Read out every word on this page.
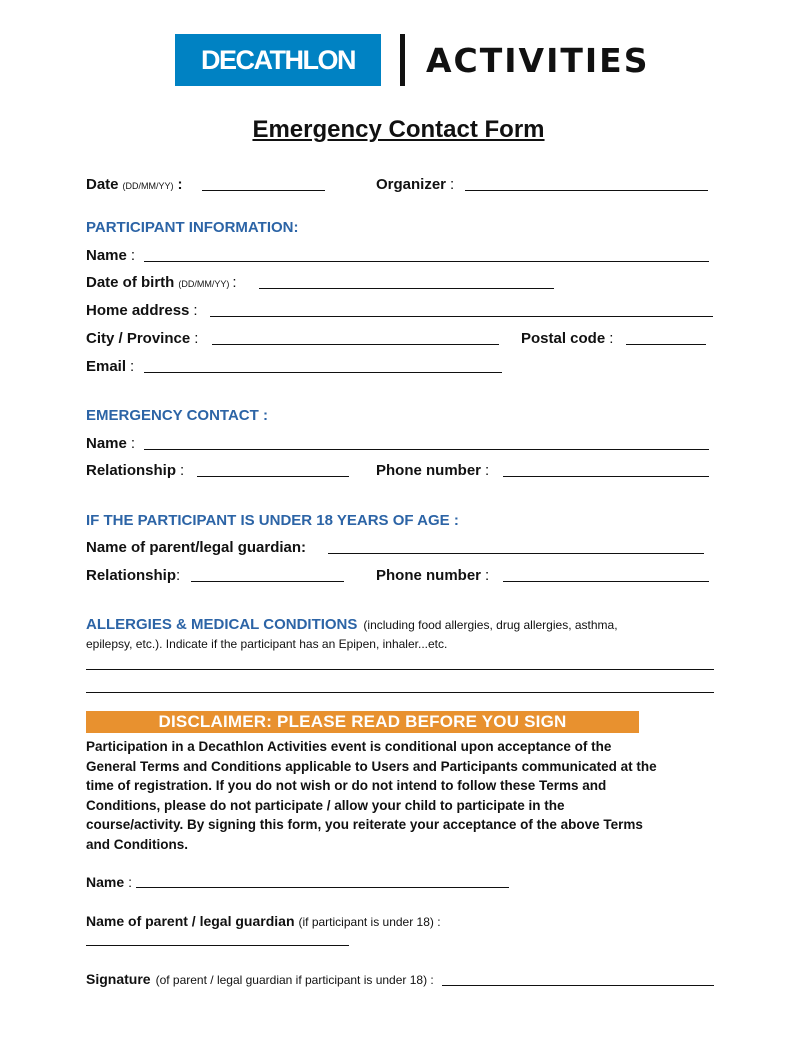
DECATHLON ACTIVITIES
Emergency Contact Form
Date (DD/MM/YY) :	Organizer :
PARTICIPANT INFORMATION:
Name :
Date of birth (DD/MM/YY) :
Home address :
City / Province :	Postal code :
Email :
EMERGENCY CONTACT :
Name :
Relationship :	Phone number :
IF THE PARTICIPANT IS UNDER 18 YEARS OF AGE :
Name of parent/legal guardian:
Relationship :	Phone number :
ALLERGIES & MEDICAL CONDITIONS (including food allergies, drug allergies, asthma,
epilepsy, etc.). Indicate if the participant has an Epipen, inhaler...etc.
DISCLAIMER: PLEASE READ BEFORE YOU SIGN
Participation in a Decathlon Activities event is conditional upon acceptance of the
General Terms and Conditions applicable to Users and Participants communicated at the
time of registration. If you do not wish or do not intend to follow these Terms and
Conditions, please do not participate / allow your child to participate in the
course/activity. By signing this form, you reiterate your acceptance of the above Terms
and Conditions.
Name :
Name of parent / legal guardian (if participant is under 18) :
Signature (of parent / legal guardian if participant is under 18) :
